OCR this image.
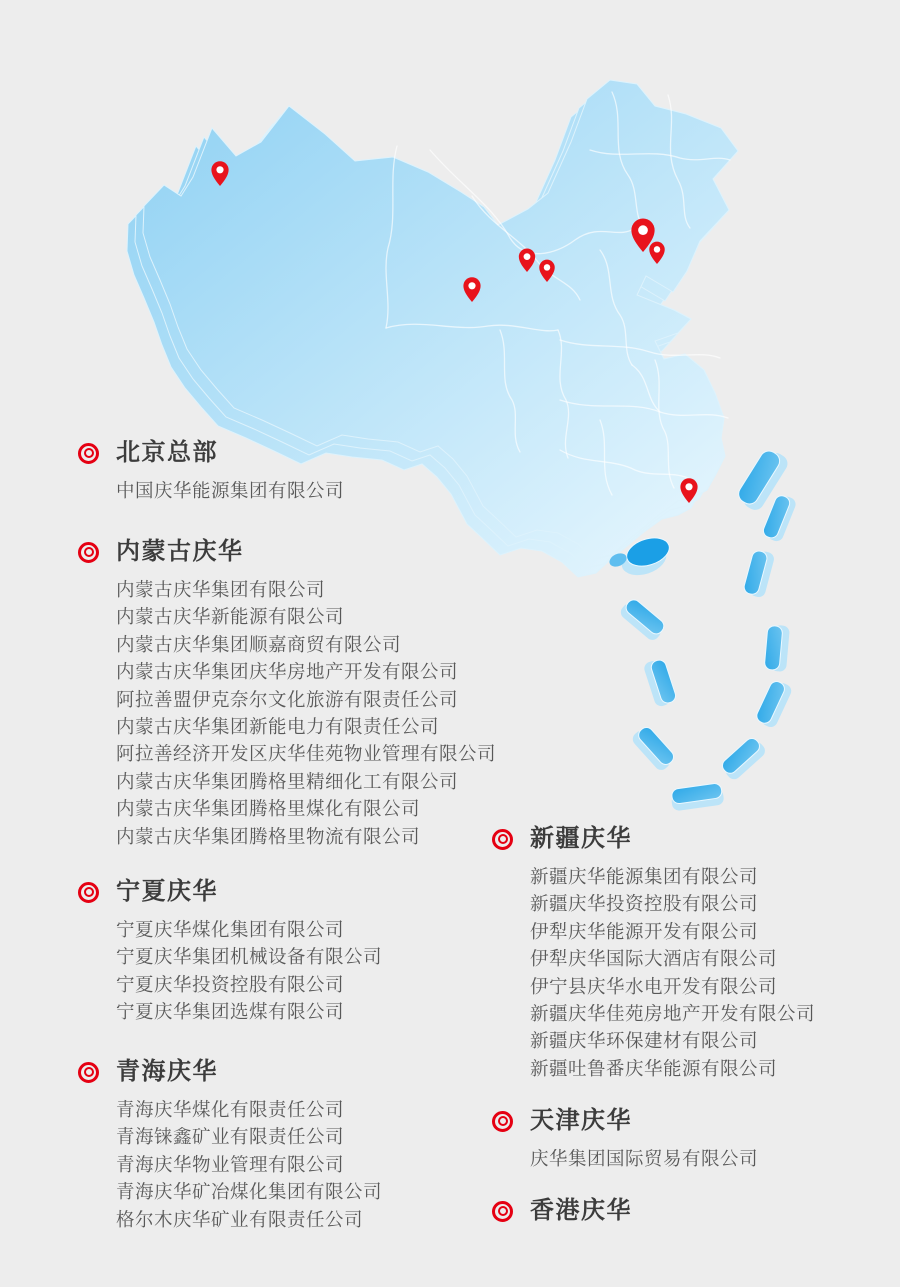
北京总部
中国庆华能源集团有限公司
内蒙古庆华
内蒙古庆华集团有限公司
内蒙古庆华新能源有限公司
内蒙古庆华集团顺嘉商贸有限公司
内蒙古庆华集团庆华房地产开发有限公司
阿拉善盟伊克奈尔文化旅游有限责任公司
内蒙古庆华集团新能电力有限责任公司
阿拉善经济开发区庆华佳苑物业管理有限公司
内蒙古庆华集团腾格里精细化工有限公司
内蒙古庆华集团腾格里煤化有限公司
内蒙古庆华集团腾格里物流有限公司
宁夏庆华
宁夏庆华煤化集团有限公司
宁夏庆华集团机械设备有限公司
宁夏庆华投资控股有限公司
宁夏庆华集团选煤有限公司
青海庆华
青海庆华煤化有限责任公司
青海铼鑫矿业有限责任公司
青海庆华物业管理有限公司
青海庆华矿冶煤化集团有限公司
格尔木庆华矿业有限责任公司
新疆庆华
新疆庆华能源集团有限公司
新疆庆华投资控股有限公司
伊犁庆华能源开发有限公司
伊犁庆华国际大酒店有限公司
伊宁县庆华水电开发有限公司
新疆庆华佳苑房地产开发有限公司
新疆庆华环保建材有限公司
新疆吐鲁番庆华能源有限公司
天津庆华
庆华集团国际贸易有限公司
香港庆华
